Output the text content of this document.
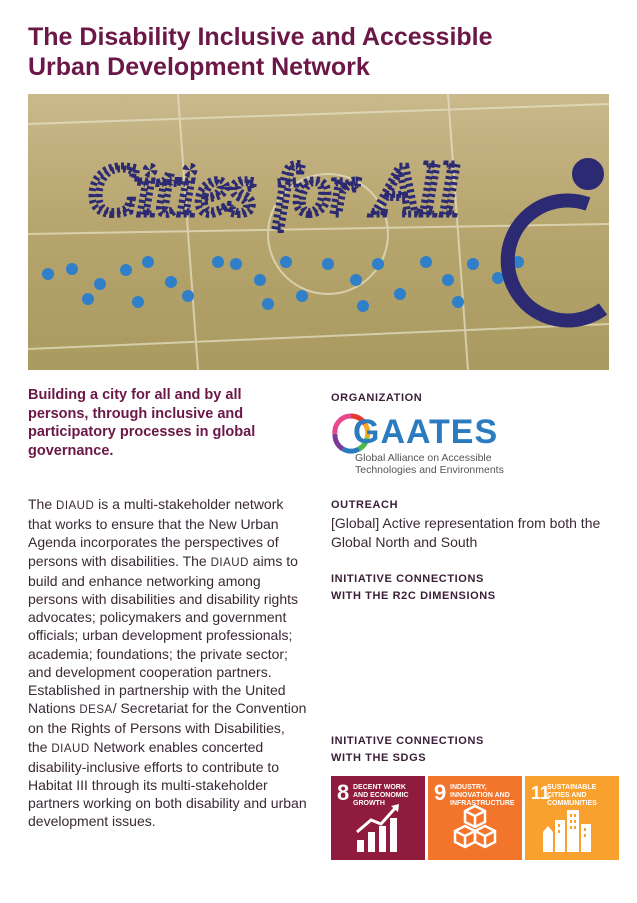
The Disability Inclusive and Accessible
Urban Development Network
Cities for All

Building a city for all and by all persons, through inclusive and participatory processes in global governance.

The DIAUD is a multi-stakeholder network that works to ensure that the New Urban Agenda incorporates the perspectives of persons with disabilities. The DIAUD aims to build and enhance networking among persons with disabilities and disability rights advocates; policymakers and government officials; urban development professionals; academia; foundations; the private sector; and development cooperation partners. Established in partnership with the United Nations DESA/ Secretariat for the Convention on the Rights of Persons with Disabilities, the DIAUD Network enables concerted disability-inclusive efforts to contribute to Habitat III through its multi-stakeholder partners working on both disability and urban development issues.

ORGANIZATION
GAATES
Global Alliance on Accessible
Technologies and Environments
OUTREACH
[Global] Active representation from both the Global North and South
INITIATIVE CONNECTIONS
WITH THE R2C DIMENSIONS
INITIATIVE CONNECTIONS
WITH THE SDGS
8 DECENT WORK AND ECONOMIC GROWTH	9 INDUSTRY, INNOVATION AND INFRASTRUCTURE
11
SUSTAINABLE CITIES AND COMMUNITIES
